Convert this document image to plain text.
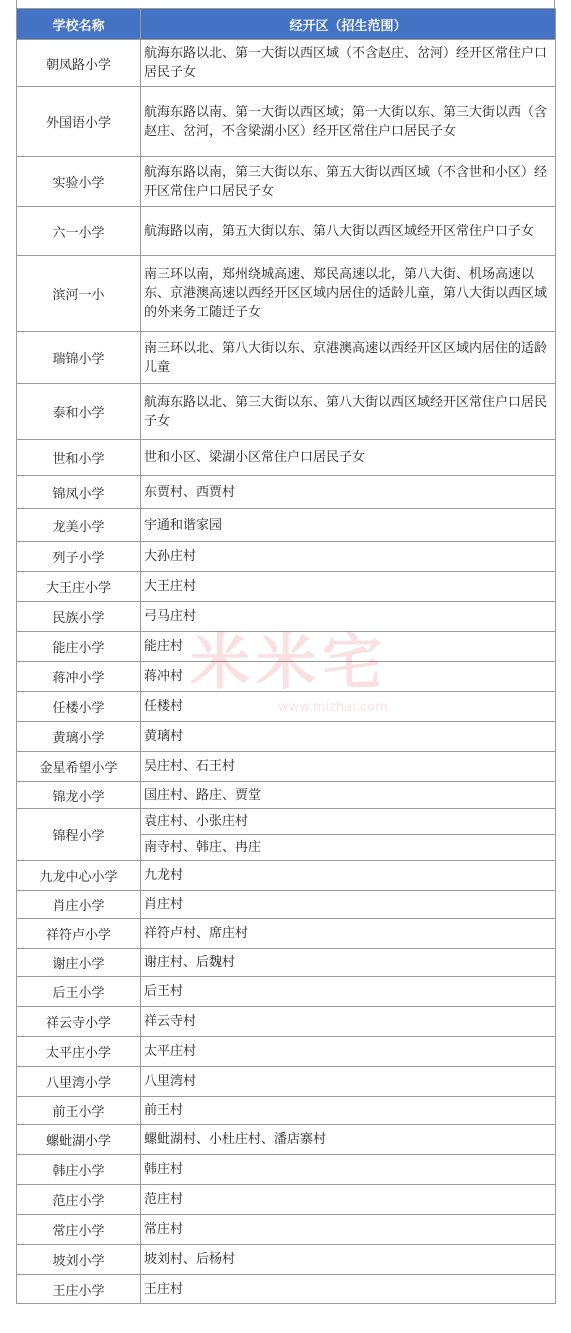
学校名称	经开区（招生范围）
朝凤路小学	航海东路以北、第一大街以西区域（不含赵庄、岔河）经开区常住户口居民子女
外国语小学	航海东路以南、第一大街以西区域；第一大街以东、第三大街以西（含赵庄、岔河，不含梁湖小区）经开区常住户口居民子女
实验小学	航海东路以南，第三大街以东、第五大街以西区域（不含世和小区）经开区常住户口居民子女
六一小学	航海路以南，第五大街以东、第八大街以西区域经开区常住户口子女
滨河一小	南三环以南，郑州绕城高速、郑民高速以北，第八大街、机场高速以东、京港澳高速以西经开区区域内居住的适龄儿童，第八大街以西区域的外来务工随迁子女
瑞锦小学	南三环以北、第八大街以东、京港澳高速以西经开区区域内居住的适龄儿童
泰和小学	航海东路以北、第三大街以东、第八大街以西区域经开区常住户口居民子女
世和小学	世和小区、梁湖小区常住户口居民子女
锦凤小学	东贾村、西贾村
龙美小学	宇通和谐家园
列子小学	大孙庄村
大王庄小学	大王庄村
民族小学	弓马庄村
能庄小学	能庄村
蒋冲小学	蒋冲村
任楼小学	任楼村
黄璃小学	黄璃村
金星希望小学	吴庄村、石王村
锦龙小学	国庄村、路庄、贾堂
锦程小学	袁庄村、小张庄村
	南寺村、韩庄、冉庄
九龙中心小学	九龙村
肖庄小学	肖庄村
祥符卢小学	祥符卢村、席庄村
谢庄小学	谢庄村、后魏村
后王小学	后王村
祥云寺小学	祥云寺村
太平庄小学	太平庄村
八里湾小学	八里湾村
前王小学	前王村
螺蚍湖小学	螺蚍湖村、小杜庄村、潘店寨村
韩庄小学	韩庄村
范庄小学	范庄村
常庄小学	常庄村
坡刘小学	坡刘村、后杨村
王庄小学	王庄村
米米宅
www.mizhai.com
